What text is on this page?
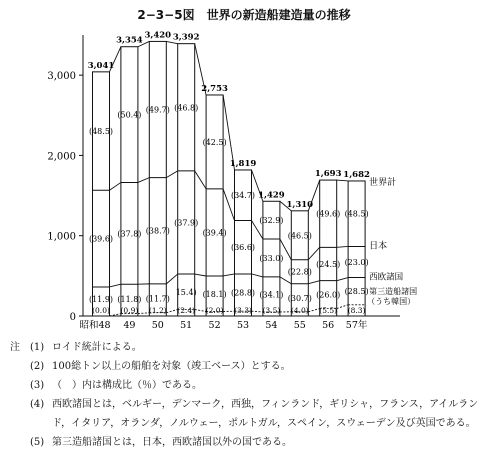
2−3−5図　世界の新造船建造量の推移
0
1,000
2,000
3,000
3,041
(48.5)
(39.6)
(11.9)
(0.0)
昭和48
3,354
(50.4)
(37.8)
(11.8)
(0.9)
49
3,420
(49.7)
(38.7)
(11.7)
(1.2)
50
3,392
(46.8)
(37.9)
15.4)
(2.4)
51
2,753
(42.5)
(39.4)
(18.1)
(2.0)
52
1,819
(34.7)
(36.6)
(28.8)
(3.3)
53
1,429
(32.9)
(33.0)
(34.1)
(3.5)
54
1,310
(46.5)
(22.8)
(30.7)
(4.0)
55
1,693
(49.6)
(24.5)
(26.0)
(5.5)
56
1,682
(48.5)
(23.0)
(28.5)
(8.3)
57年
世界計
日本
西欧諸国
第三造船諸国
（うち韓国）
注 (1) ロイド統計による。
(2) 100総トン以上の船舶を対象（竣工ベース）とする。
(3) （　）内は構成比（％）である。
(4) 西欧諸国とは，ベルギー，デンマーク，西独，フィンランド，ギリシャ，フランス，アイルランド，イタリア，オランダ，ノルウェー，ポルトガル，スペイン，スウェーデン及び英国である。
(5) 第三造船諸国とは，日本，西欧諸国以外の国である。
